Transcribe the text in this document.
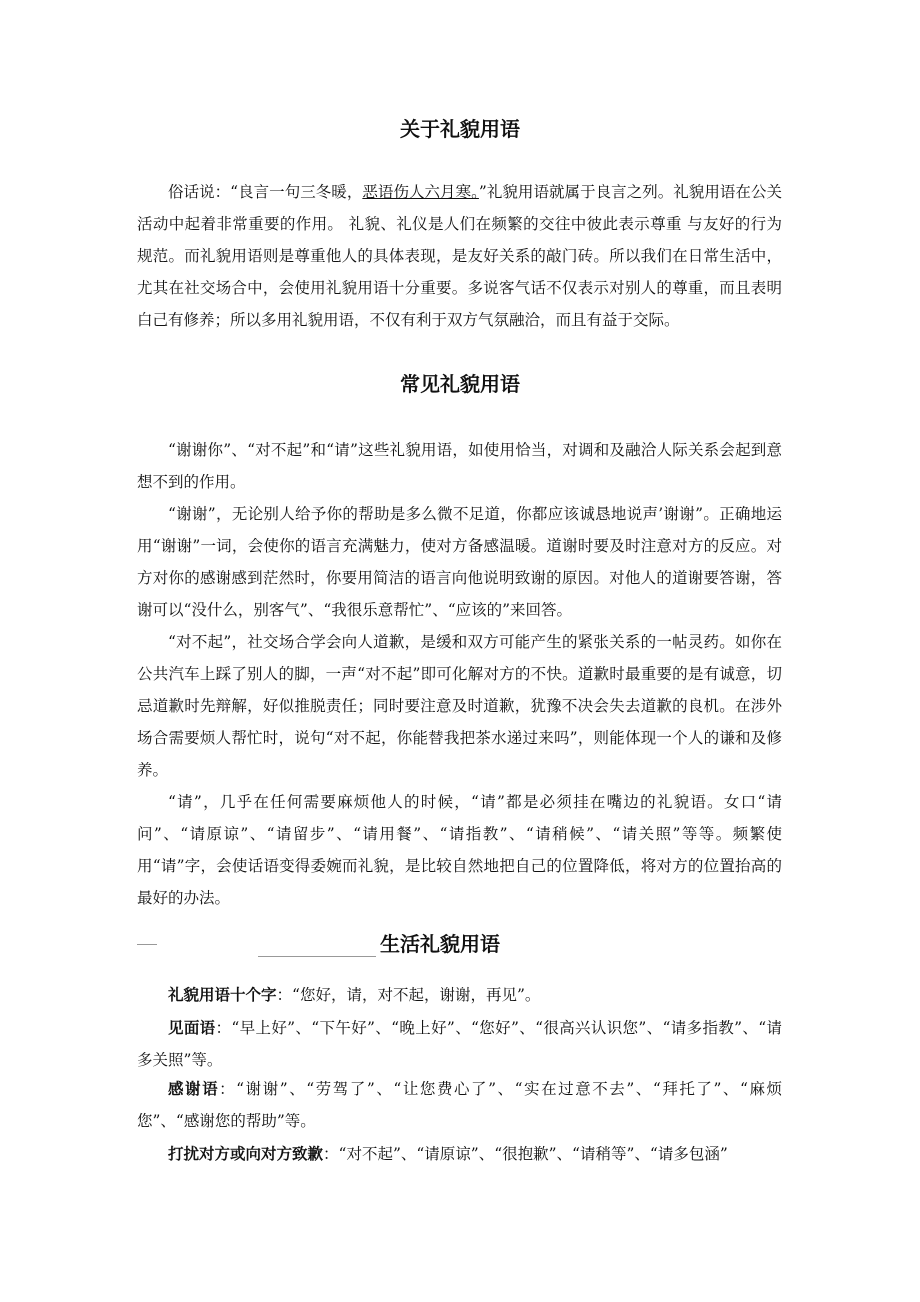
关于礼貌用语

俗话说：“良言一句三冬暖，恶语伤人六月寒。”礼貌用语就属于良言之列。礼貌用语在公关活动中起着非常重要的作用。 礼貌、礼仪是人们在频繁的交往中彼此表示尊重 与友好的行为规范。而礼貌用语则是尊重他人的具体表现，是友好关系的敲门砖。所以我们在日常生活中，尤其在社交场合中，会使用礼貌用语十分重要。多说客气话不仅表示对别人的尊重，而且表明白己有修养；所以多用礼貌用语，不仅有利于双方气氛融洽，而且有益于交际。

常见礼貌用语

“谢谢你”、“对不起”和“请”这些礼貌用语，如使用恰当，对调和及融洽人际关系会起到意想不到的作用。

“谢谢”，无论别人给予你的帮助是多么微不足道，你都应该诚恳地说声’谢谢”。正确地运用“谢谢”一词，会使你的语言充满魅力，使对方备感温暖。道谢时要及时注意对方的反应。对方对你的感谢感到茫然时，你要用简洁的语言向他说明致谢的原因。对他人的道谢要答谢，答谢可以“没什么，别客气”、“我很乐意帮忙”、“应该的”来回答。

“对不起”，社交场合学会向人道歉，是缓和双方可能产生的紧张关系的一帖灵药。如你在公共汽车上踩了别人的脚，一声“对不起”即可化解对方的不快。道歉时最重要的是有诚意，切忌道歉时先辩解，好似推脱责任；同时要注意及时道歉，犹豫不决会失去道歉的良机。在涉外场合需要烦人帮忙时，说句“对不起，你能替我把茶水递过来吗”，则能体现一个人的谦和及修养。

“请”，几乎在任何需要麻烦他人的时候，“请”都是必须挂在嘴边的礼貌语。女口“请问”、“请原谅”、“请留步”、“请用餐”、“请指教”、“请稍候”、“请关照”等等。频繁使用“请”字，会使话语变得委婉而礼貌，是比较自然地把自己的位置降低，将对方的位置抬高的最好的办法。

生活礼貌用语

礼貌用语十个字：“您好，请，对不起，谢谢，再见”。

见面语：“早上好”、“下午好”、“晚上好”、“您好”、“很高兴认识您”、“请多指教”、“请多关照”等。

感谢语：“谢谢”、“劳驾了”、“让您费心了”、“实在过意不去”、“拜托了”、“麻烦您”、“感谢您的帮助”等。

打扰对方或向对方致歉：“对不起”、“请原谅”、“很抱歉”、“请稍等”、“请多包涵”
